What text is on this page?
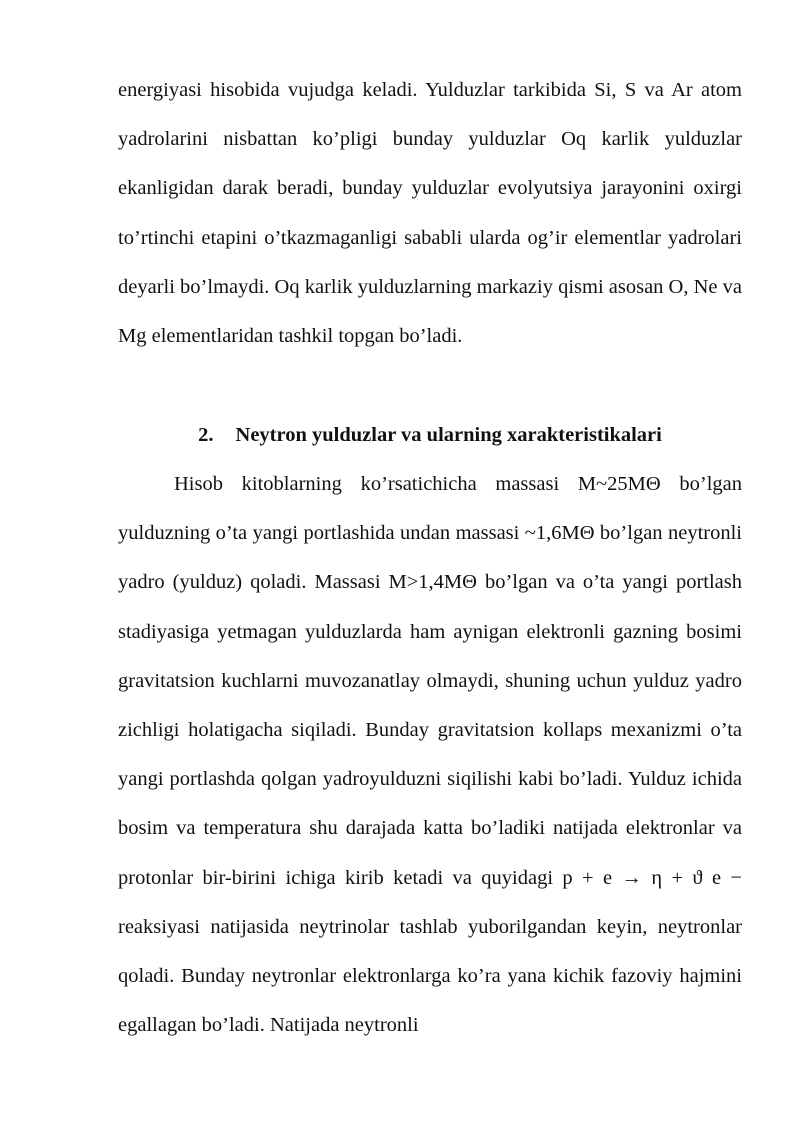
energiyasi hisobida vujudga keladi. Yulduzlar tarkibida Si, S va Ar atom yadrolarini nisbattan ko’pligi bunday yulduzlar Oq karlik yulduzlar ekanligidan darak beradi, bunday yulduzlar evolyutsiya jarayonini oxirgi to’rtinchi etapini o’tkazmaganligi sababli ularda og’ir elementlar yadrolari deyarli bo’lmaydi. Oq karlik yulduzlarning markaziy qismi asosan O, Ne va Mg elementlaridan tashkil topgan bo’ladi.

2. Neytron yulduzlar va ularning xarakteristikalari

Hisob kitoblarning ko’rsatichicha massasi M~25MΘ bo’lgan yulduzning o’ta yangi portlashida undan massasi ~1,6MΘ bo’lgan neytronli yadro (yulduz) qoladi. Massasi M>1,4MΘ bo’lgan va o’ta yangi portlash stadiyasiga yetmagan yulduzlarda ham aynigan elektronli gazning bosimi gravitatsion kuchlarni muvozanatlay olmaydi, shuning uchun yulduz yadro zichligi holatigacha siqiladi. Bunday gravitatsion kollaps mexanizmi o’ta yangi portlashda qolgan yadroyulduzni siqilishi kabi bo’ladi. Yulduz ichida bosim va temperatura shu darajada katta bo’ladiki natijada elektronlar va protonlar bir-birini ichiga kirib ketadi va quyidagi p + e → η + ϑ e − reaksiyasi natijasida neytrinolar tashlab yuborilgandan keyin, neytronlar qoladi. Bunday neytronlar elektronlarga ko’ra yana kichik fazoviy hajmini egallagan bo’ladi. Natijada neytronli
